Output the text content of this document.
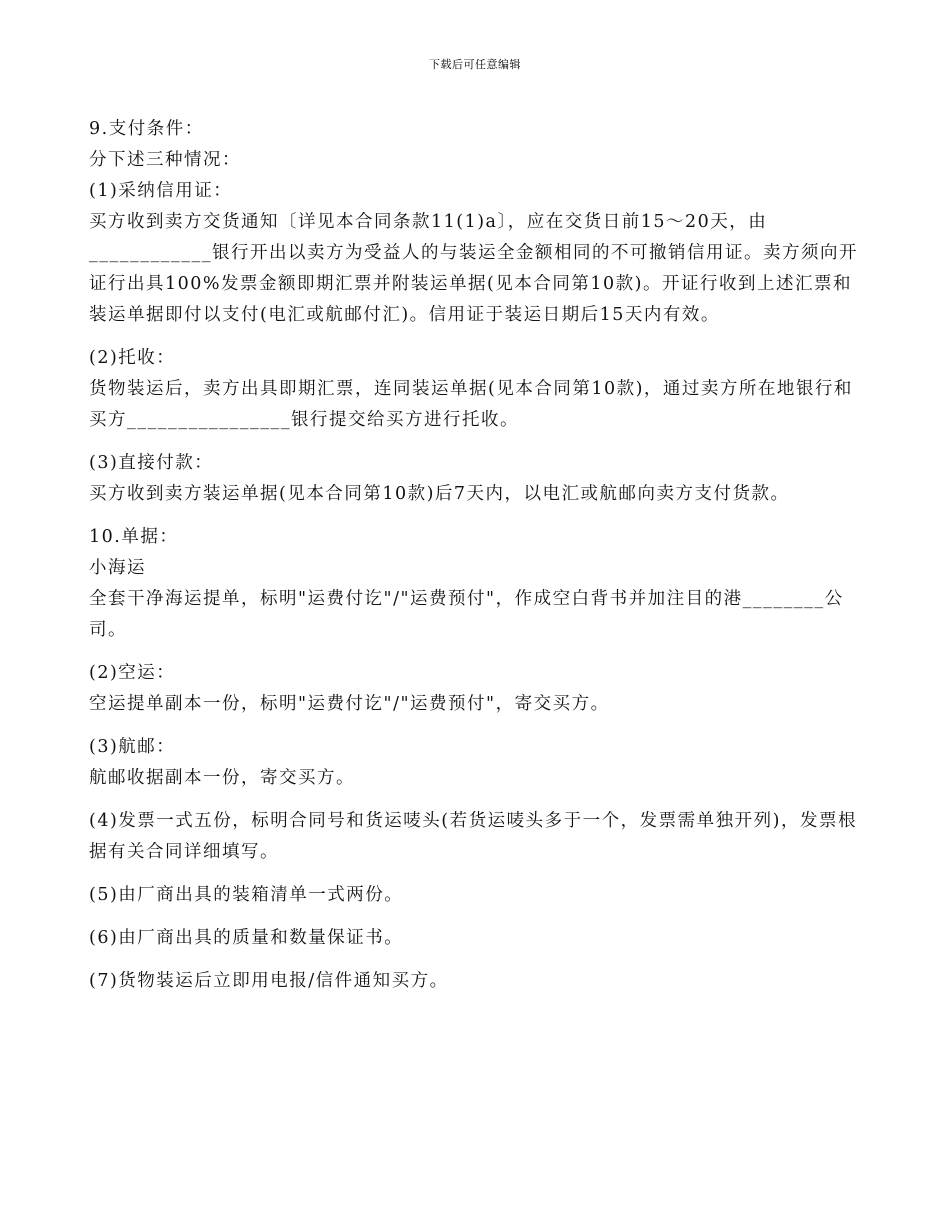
下载后可任意编辑

9.支付条件：

分下述三种情况：

(1)采纳信用证：

买方收到卖方交货通知〔详见本合同条款11(1)a〕，应在交货日前15～20天，由____________银行开出以卖方为受益人的与装运全金额相同的不可撤销信用证。卖方须向开证行出具100%发票金额即期汇票并附装运单据(见本合同第10款)。开证行收到上述汇票和装运单据即付以支付(电汇或航邮付汇)。信用证于装运日期后15天内有效。

(2)托收：

货物装运后，卖方出具即期汇票，连同装运单据(见本合同第10款)，通过卖方所在地银行和买方________________银行提交给买方进行托收。

(3)直接付款：

买方收到卖方装运单据(见本合同第10款)后7天内，以电汇或航邮向卖方支付货款。

10.单据：

小海运

全套干净海运提单，标明"运费付讫"/"运费预付"，作成空白背书并加注目的港________公司。

(2)空运：

空运提单副本一份，标明"运费付讫"/"运费预付"，寄交买方。

(3)航邮：

航邮收据副本一份，寄交买方。

(4)发票一式五份，标明合同号和货运唛头(若货运唛头多于一个，发票需单独开列)，发票根据有关合同详细填写。

(5)由厂商出具的装箱清单一式两份。

(6)由厂商出具的质量和数量保证书。

(7)货物装运后立即用电报/信件通知买方。
